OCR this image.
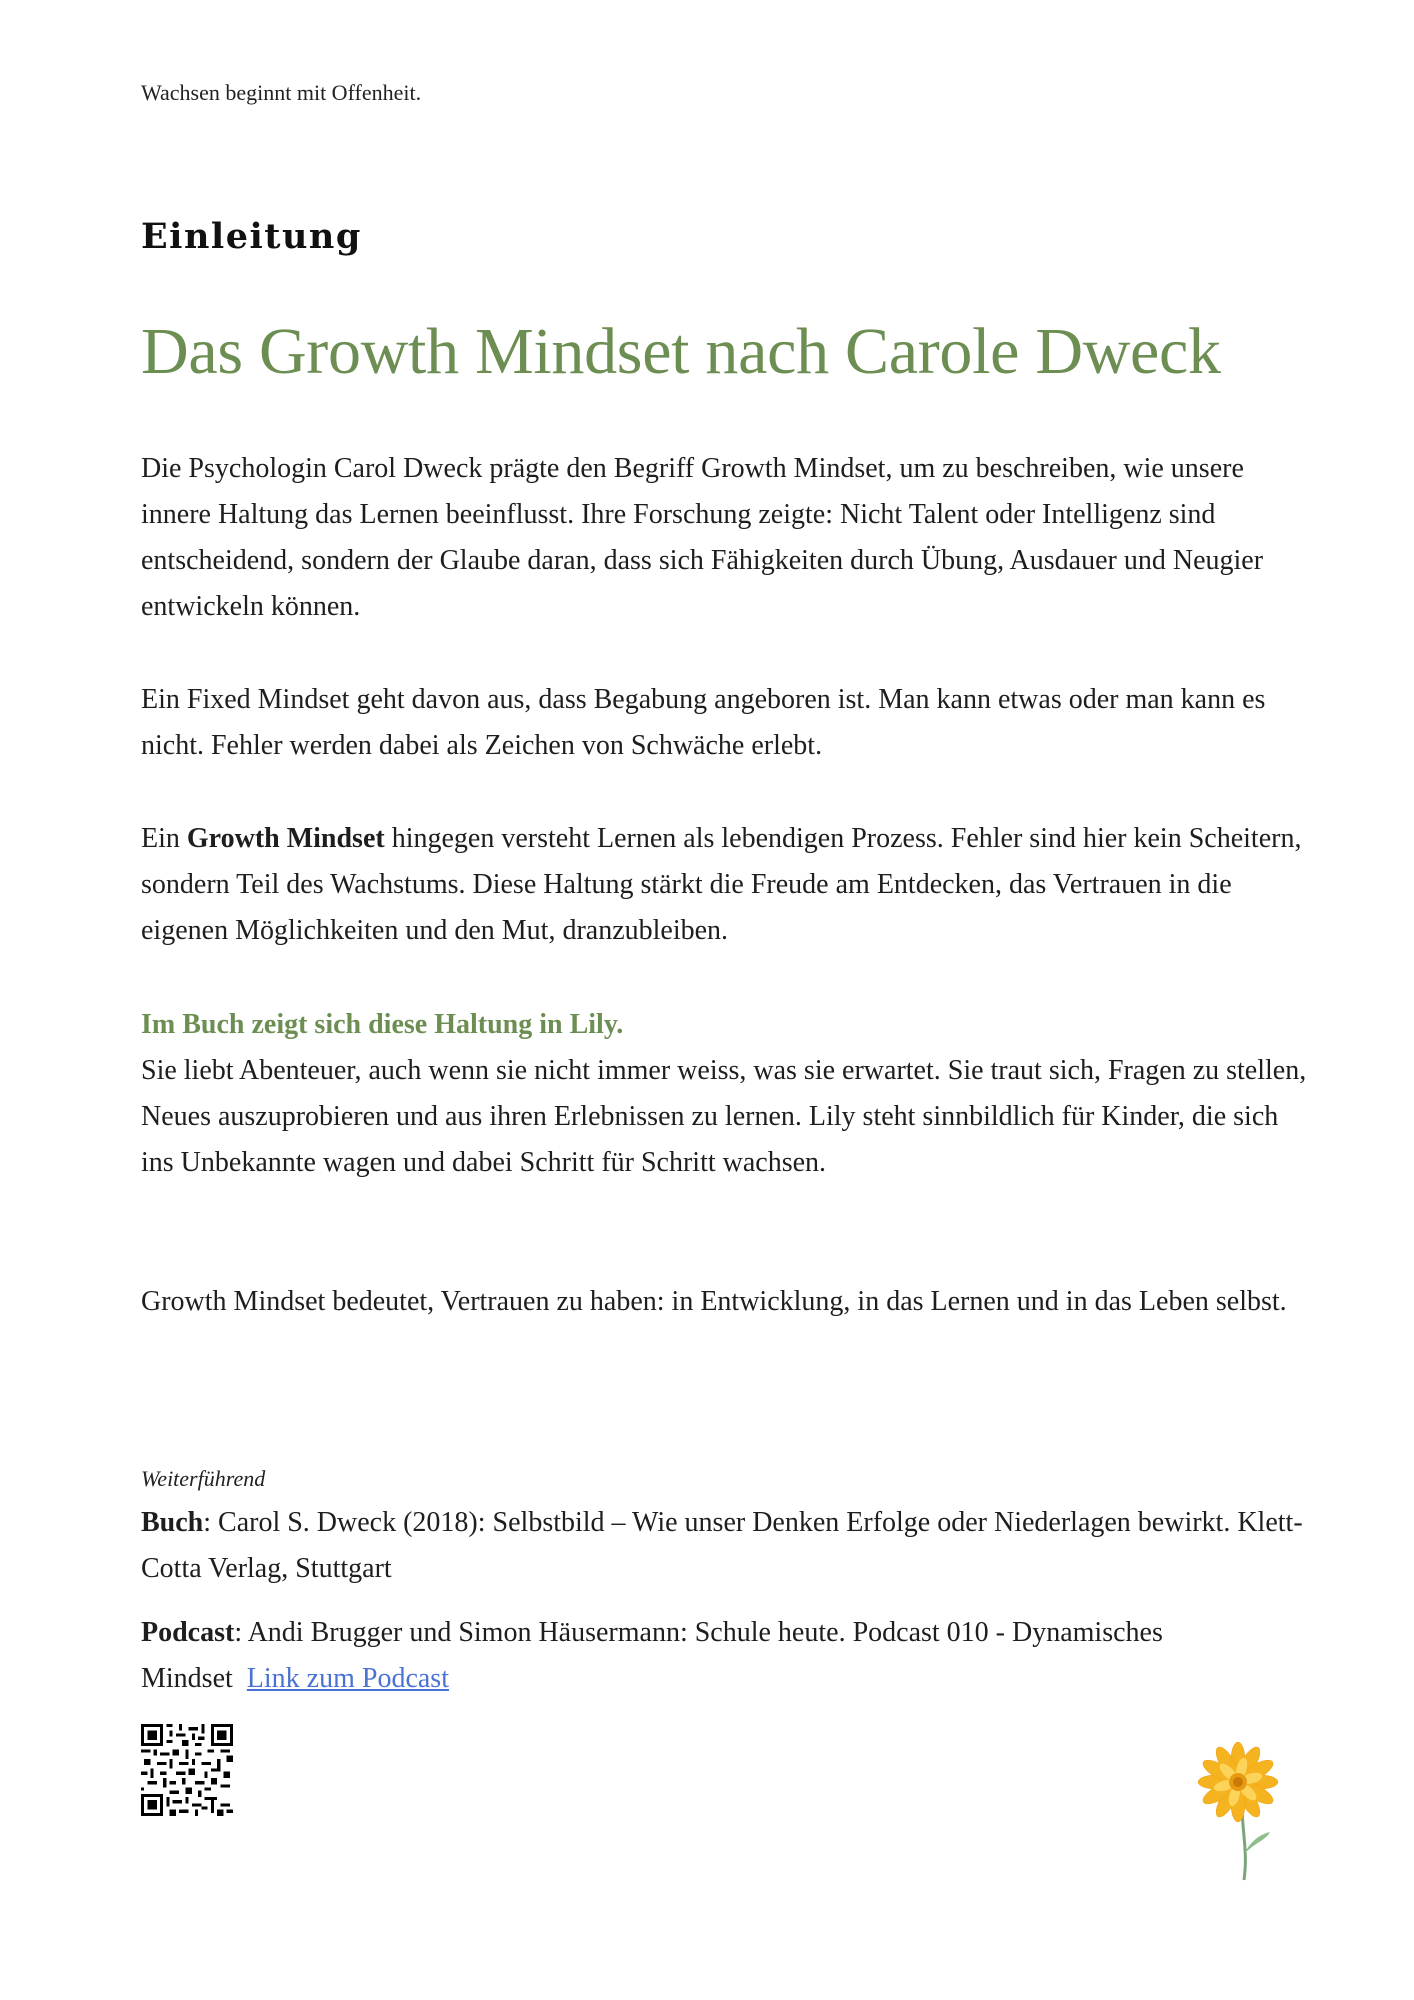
Wachsen beginnt mit Offenheit.
Einleitung
Das Growth Mindset nach Carole Dweck
Die Psychologin Carol Dweck prägte den Begriff Growth Mindset, um zu beschreiben, wie unsere innere Haltung das Lernen beeinflusst. Ihre Forschung zeigte: Nicht Talent oder Intelligenz sind entscheidend, sondern der Glaube daran, dass sich Fähigkeiten durch Übung, Ausdauer und Neugier entwickeln können.
Ein Fixed Mindset geht davon aus, dass Begabung angeboren ist. Man kann etwas oder man kann es nicht. Fehler werden dabei als Zeichen von Schwäche erlebt.
Ein Growth Mindset hingegen versteht Lernen als lebendigen Prozess. Fehler sind hier kein Scheitern, sondern Teil des Wachstums. Diese Haltung stärkt die Freude am Entdecken, das Vertrauen in die eigenen Möglichkeiten und den Mut, dranzubleiben.
Im Buch zeigt sich diese Haltung in Lily.
Sie liebt Abenteuer, auch wenn sie nicht immer weiss, was sie erwartet. Sie traut sich, Fragen zu stellen, Neues auszuprobieren und aus ihren Erlebnissen zu lernen. Lily steht sinnbildlich für Kinder, die sich ins Unbekannte wagen und dabei Schritt für Schritt wachsen.
Growth Mindset bedeutet, Vertrauen zu haben: in Entwicklung, in das Lernen und in das Leben selbst.
Weiterführend
Buch: Carol S. Dweck (2018): Selbstbild – Wie unser Denken Erfolge oder Niederlagen bewirkt. Klett-Cotta Verlag, Stuttgart
Podcast: Andi Brugger und Simon Häusermann: Schule heute. Podcast 010 - Dynamisches Mindset Link zum Podcast
